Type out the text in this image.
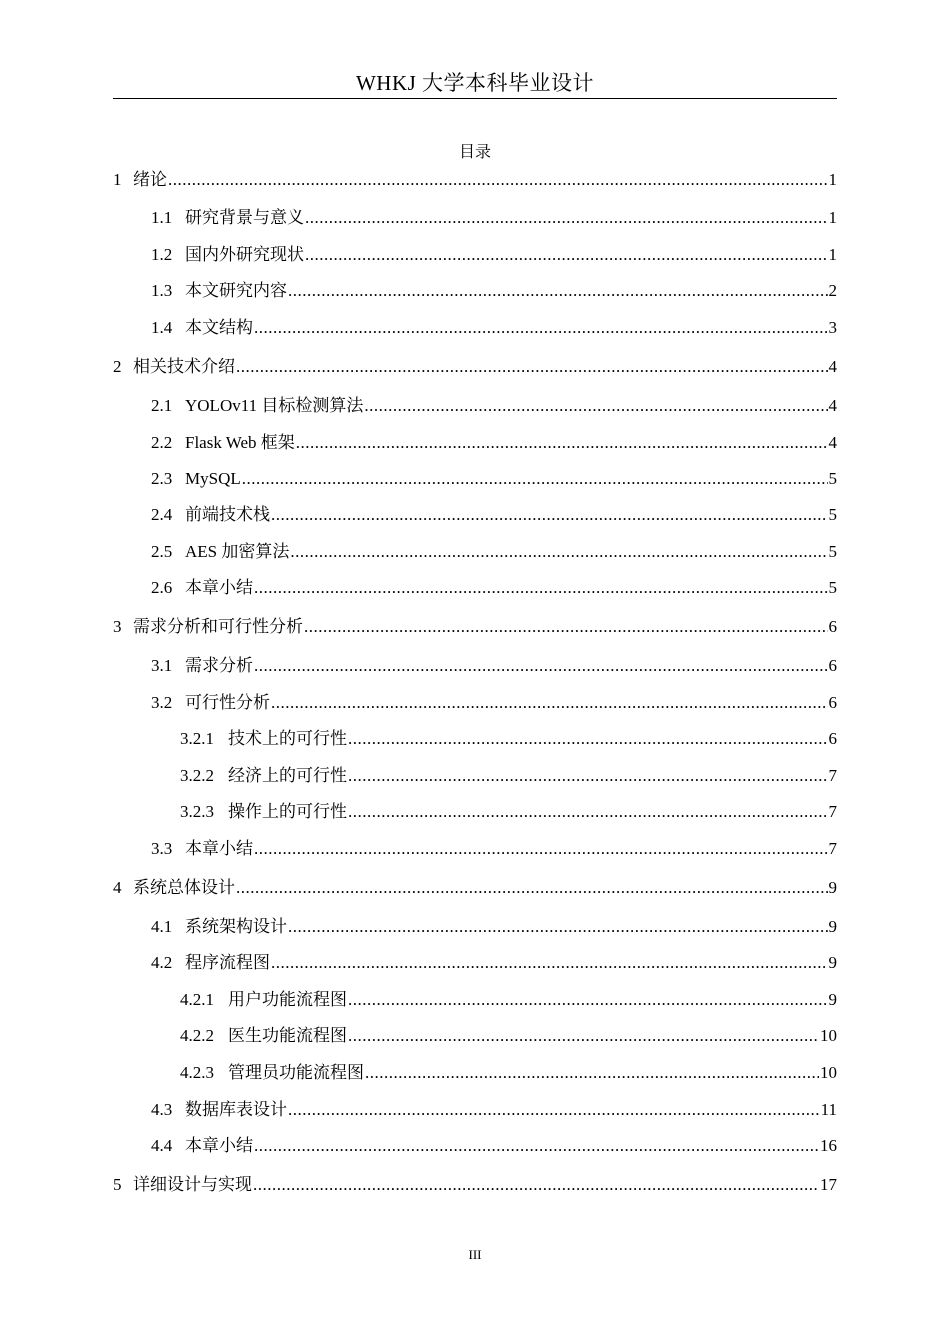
WHKJ 大学本科毕业设计
目录
1 绪论 .....	1
1.1 研究背景与意义 .....	1
1.2 国内外研究现状 .....	1
1.3 本文研究内容 .....	2
1.4 本文结构 .....	3
2 相关技术介绍 .....	4
2.1 YOLOv11 目标检测算法 .....	4
2.2 Flask Web 框架 .....	4
2.3 MySQL .....	5
2.4 前端技术栈 .....	5
2.5 AES 加密算法 .....	5
2.6 本章小结 .....	5
3 需求分析和可行性分析 .....	6
3.1 需求分析 .....	6
3.2 可行性分析 .....	6
3.2.1 技术上的可行性 .....	6
3.2.2 经济上的可行性 .....	7
3.2.3 操作上的可行性 .....	7
3.3 本章小结 .....	7
4 系统总体设计 .....	9
4.1 系统架构设计 .....	9
4.2 程序流程图 .....	9
4.2.1 用户功能流程图 .....	9
4.2.2 医生功能流程图 .....	10
4.2.3 管理员功能流程图 .....	10
4.3 数据库表设计 .....	11
4.4 本章小结 .....	16
5 详细设计与实现 .....	17
III
